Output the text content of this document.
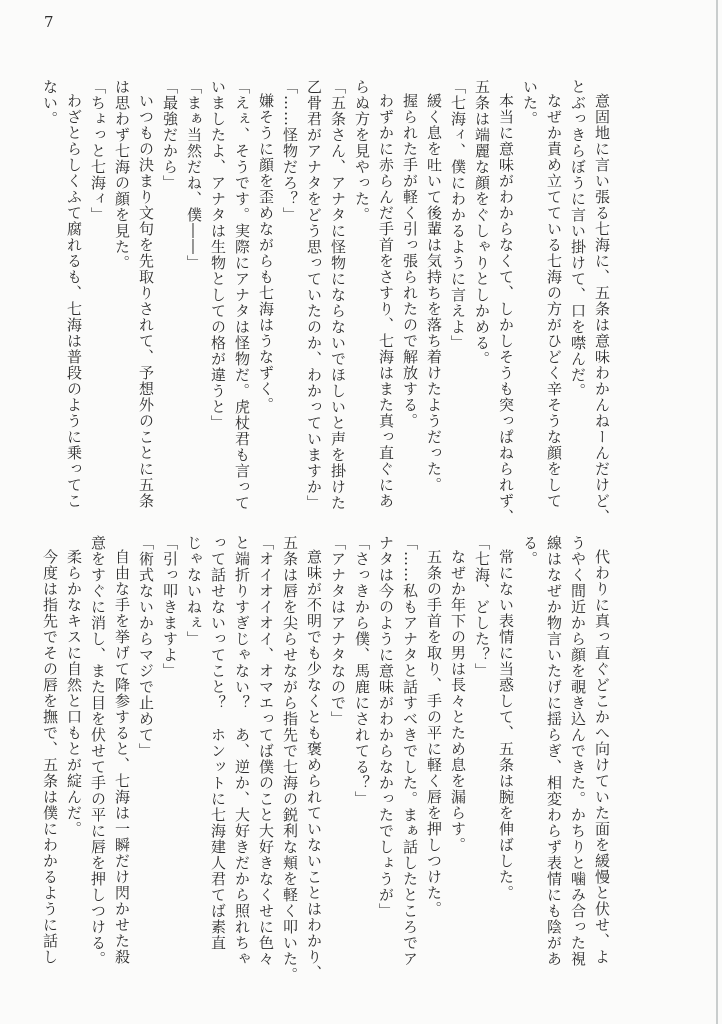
7
意固地に言い張る七海に、五条は意味わかんねーんだけど、
とぶっきらぼうに言い掛けて、口を噤んだ。
なぜか責め立てている七海の方がひどく辛そうな顔をして
いた。
本当に意味がわからなくて、しかしそうも突っぱねられず、
五条は端麗な顔をぐしゃりとしかめる。
「七海ィ、僕にわかるように言えよ」
緩く息を吐いて後輩は気持ちを落ち着けたようだった。
握られた手が軽く引っ張られたので解放する。
わずかに赤らんだ手首をさすり、七海はまた真っ直ぐにあ
らぬ方を見やった。
「五条さん、アナタに怪物にならないでほしいと声を掛けた
乙骨君がアナタをどう思っていたのか、わかっていますか」
「……怪物だろ？」
嫌そうに顔を歪めながらも七海はうなずく。
「えぇ、そうです。実際にアナタは怪物だ。虎杖君も言って
いましたよ、アナタは生物としての格が違うと」
「まぁ当然だね、僕――」
「最強だから」
いつもの決まり文句を先取りされて、予想外のことに五条
は思わず七海の顔を見た。
「ちょっと七海ィ」
わざとらしくふて腐れるも、七海は普段のように乗ってこ
ない。
代わりに真っ直ぐどこかへ向けていた面を緩慢と伏せ、よ
うやく間近から顔を覗き込んできた。かちりと噛み合った視
線はなぜか物言いたげに揺らぎ、相変わらず表情にも陰があ
る。
常にない表情に当惑して、五条は腕を伸ばした。
「七海、どした？」
なぜか年下の男は長々とため息を漏らす。
五条の手首を取り、手の平に軽く唇を押しつけた。
「……私もアナタと話すべきでした。まぁ話したところでア
ナタは今のように意味がわからなかったでしょうが」
「さっきから僕、馬鹿にされてる？」
「アナタはアナタなので」
意味が不明でも少なくとも褒められていないことはわかり、
五条は唇を尖らせながら指先で七海の鋭利な頬を軽く叩いた。
「オイオイオイ、オマエってば僕のこと大好きなくせに色々
と端折りすぎじゃない？　あ、逆か、大好きだから照れちゃ
って話せないってこと？　ホンットに七海建人君てば素直
じゃないねぇ」
「引っ叩きますよ」
「術式ないからマジで止めて」
自由な手を挙げて降参すると、七海は一瞬だけ閃かせた殺
意をすぐに消し、また目を伏せて手の平に唇を押しつける。
柔らかなキスに自然と口もとが綻んだ。
今度は指先でその唇を撫で、五条は僕にわかるように話し
